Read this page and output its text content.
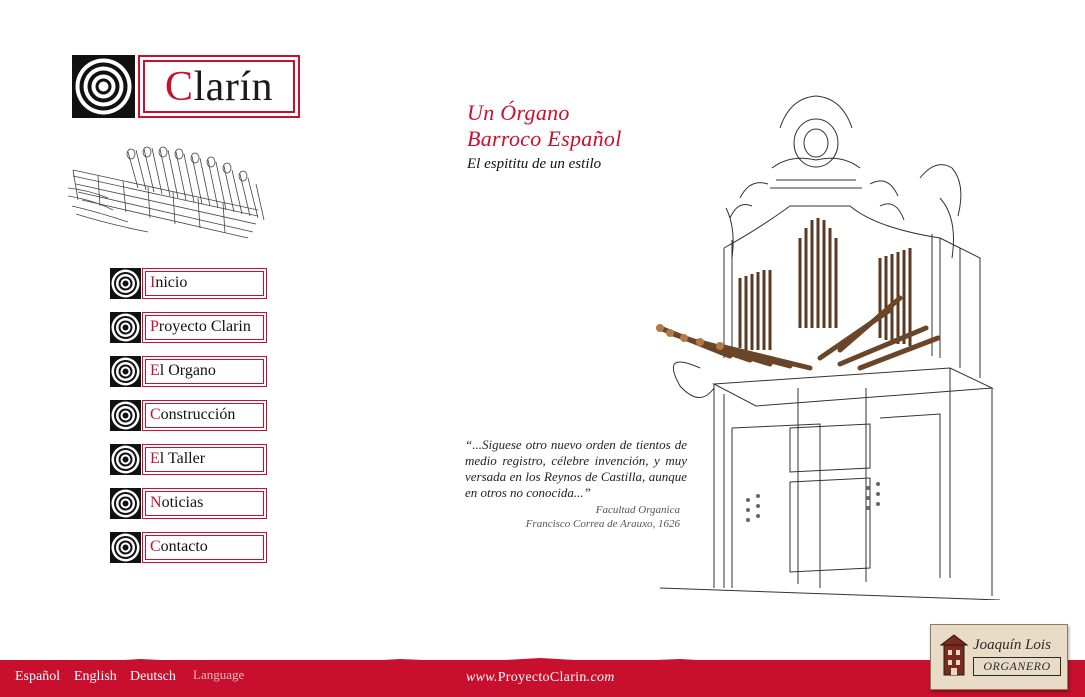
Clarín
Inicio
Proyecto Clarin
El Organo
Construcción
El Taller
Noticias
Contacto
Un Órgano
Barroco Español
El espititu de un estilo
“...Siguese otro nuevo orden de tientos de medio registro, célebre invención, y muy versada en los Reynos de Castilla, aunque en otros no conocida...”
Facultad Organica
Francisco Correa de Arauxo, 1626
Español English Deutsch Language	www.ProyectoClarin.com
Joaquín Lois
ORGANERO
